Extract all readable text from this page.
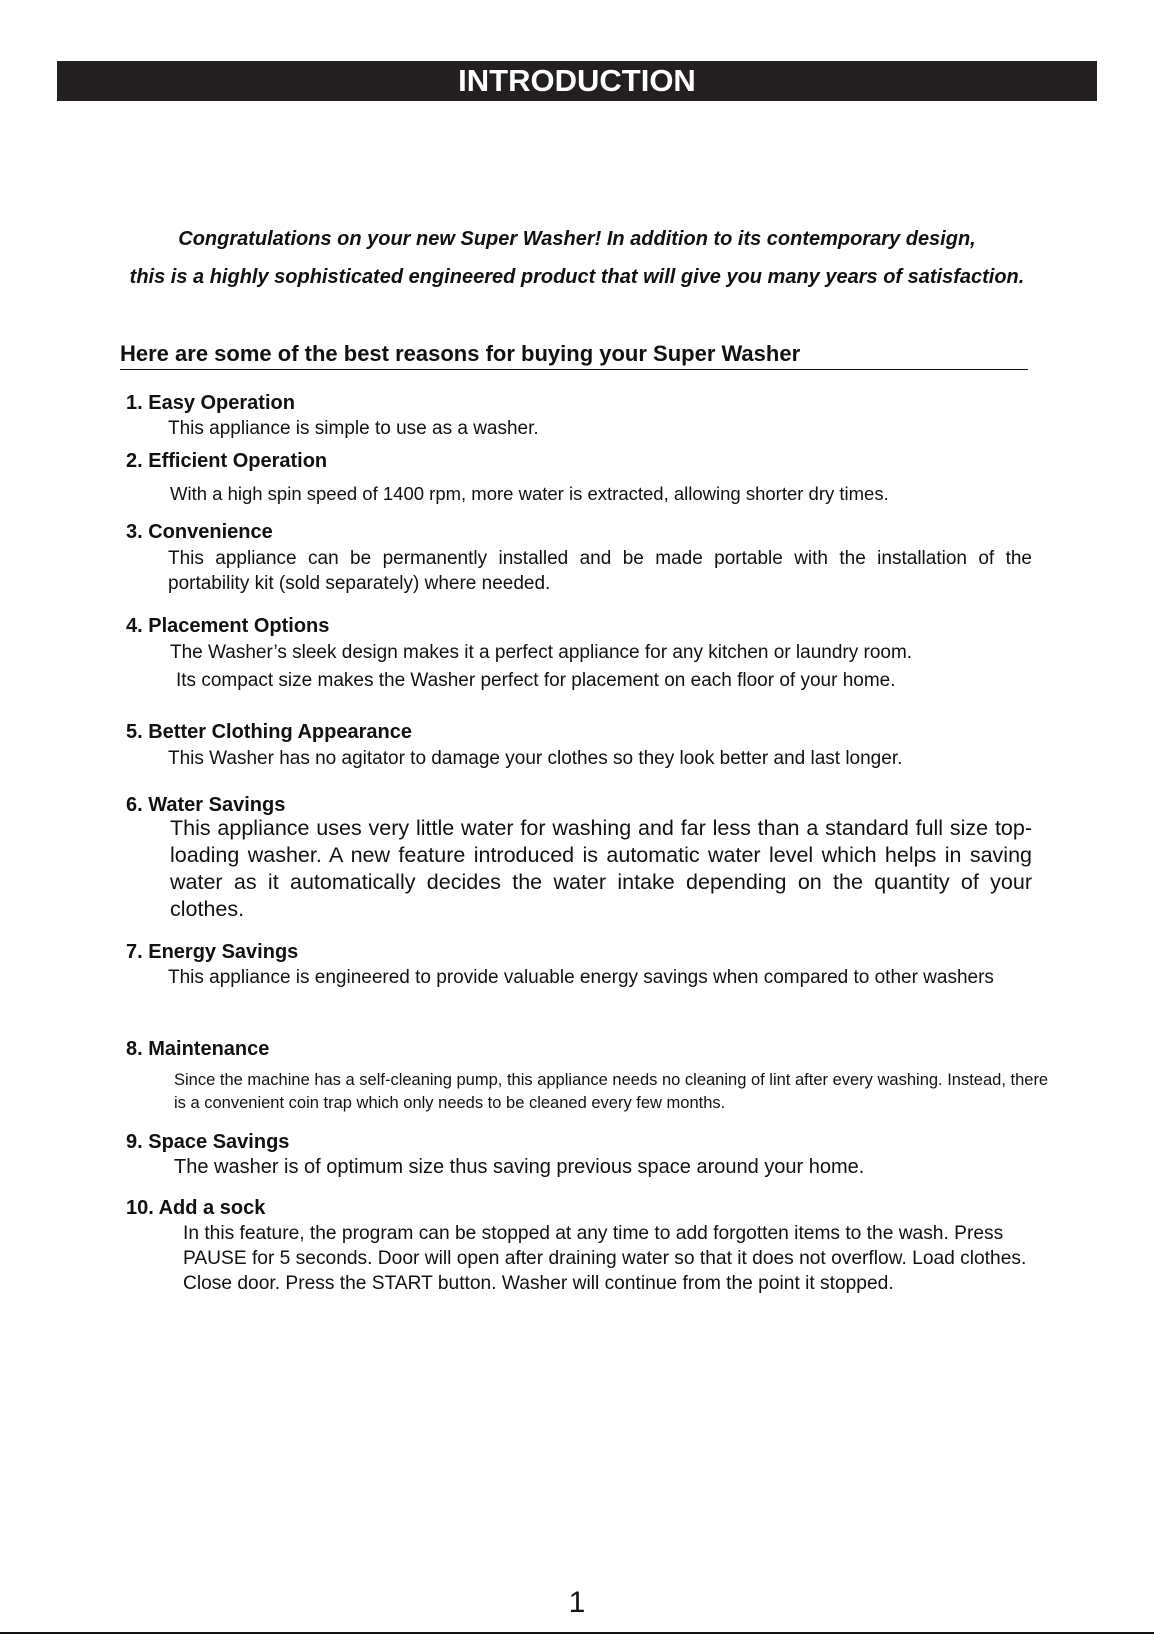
INTRODUCTION
Congratulations on your new Super Washer! In addition to its contemporary design,
this is a highly sophisticated engineered product that will give you many years of satisfaction.
Here are some of the best reasons for buying your Super Washer
1. Easy Operation
This appliance is simple to use as a washer.
2. Efficient Operation
With a high spin speed of 1400 rpm, more water is extracted, allowing shorter dry times.
3. Convenience
This appliance can be permanently installed and be made portable with the installation of the portability kit (sold separately) where needed.
4. Placement Options
The Washer’s sleek design makes it a perfect appliance for any kitchen or laundry room.
Its compact size makes the Washer perfect for placement on each floor of your home.
5. Better Clothing Appearance
This Washer has no agitator to damage your clothes so they look better and last longer.
6. Water Savings
This appliance uses very little water for washing and far less than a standard full size top-loading washer. A new feature introduced is automatic water level which helps in saving water as it automatically decides the water intake depending on the quantity of your clothes.
7. Energy Savings
This appliance is engineered to provide valuable energy savings when compared to other washers
8. Maintenance
Since the machine has a self-cleaning pump, this appliance needs no cleaning of lint after every washing. Instead, there is a convenient coin trap which only needs to be cleaned every few months.
9. Space Savings
The washer is of optimum size thus saving previous space around your home.
10. Add a sock
In this feature, the program can be stopped at any time to add forgotten items to the wash. Press PAUSE for 5 seconds. Door will open after draining water so that it does not overflow. Load clothes. Close door. Press the START button. Washer will continue from the point it stopped.
1
